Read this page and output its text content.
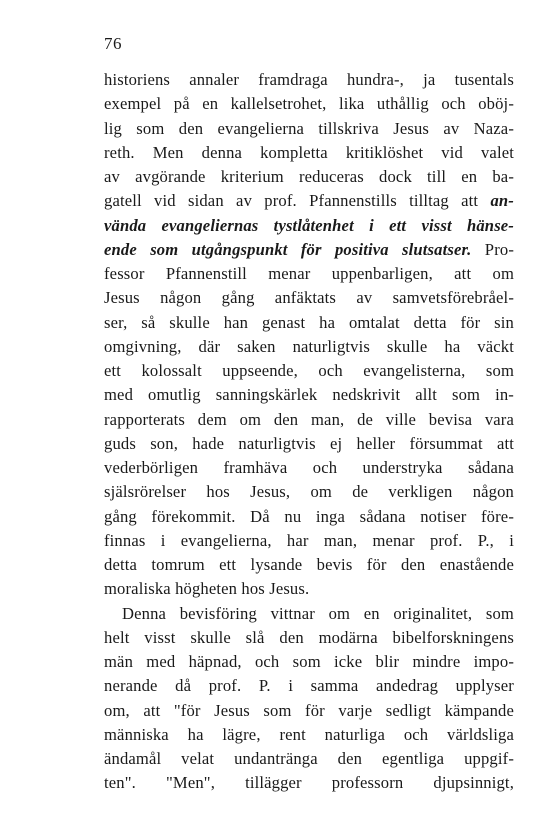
76
historiens annaler framdraga hundra-, ja tusentals
exempel på en kallelsetrohet, lika uthållig och oböj-
lig som den evangelierna tillskriva Jesus av Naza-
reth. Men denna kompletta kritiklöshet vid valet
av avgörande kriterium reduceras dock till en ba-
gatell vid sidan av prof. Pfannenstills tilltag att an-
vända evangeliernas tystlåtenhet i ett visst hänse-
ende som utgångspunkt för positiva slutsatser. Pro-
fessor Pfannenstill menar uppenbarligen, att om
Jesus någon gång anfäktats av samvetsförebråel-
ser, så skulle han genast ha omtalat detta för sin
omgivning, där saken naturligtvis skulle ha väckt
ett kolossalt uppseende, och evangelisterna, som
med omutlig sanningskärlek nedskrivit allt som in-
rapporterats dem om den man, de ville bevisa vara
guds son, hade naturligtvis ej heller försummat att
vederbörligen framhäva och understryka sådana
själsrörelser hos Jesus, om de verkligen någon
gång förekommit. Då nu inga sådana notiser före-
finnas i evangelierna, har man, menar prof. P., i
detta tomrum ett lysande bevis för den enastående
moraliska högheten hos Jesus.
Denna bevisföring vittnar om en originalitet, som
helt visst skulle slå den modärna bibelforskningens
män med häpnad, och som icke blir mindre impo-
nerande då prof. P. i samma andedrag upplyser
om, att "för Jesus som för varje sedligt kämpande
människa ha lägre, rent naturliga och världsliga
ändamål velat undantränga den egentliga uppgif-
ten". "Men", tillägger professorn djupsinnigt,
